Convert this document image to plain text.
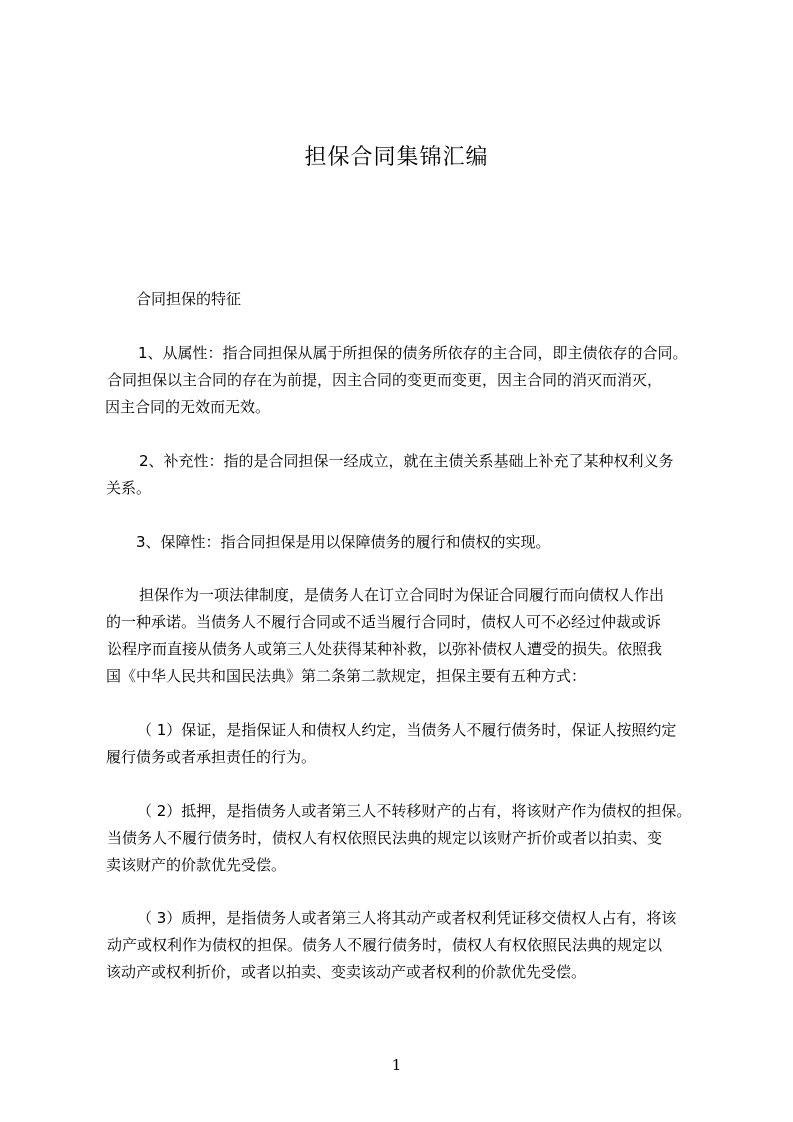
担保合同集锦汇编
合同担保的特征
1、从属性：指合同担保从属于所担保的债务所依存的主合同，即主债依存的合同。
合同担保以主合同的存在为前提，因主合同的变更而变更，因主合同的消灭而消灭，
因主合同的无效而无效。
2、补充性：指的是合同担保一经成立，就在主债关系基础上补充了某种权利义务
关系。
3、保障性：指合同担保是用以保障债务的履行和债权的实现。
担保作为一项法律制度，是债务人在订立合同时为保证合同履行而向债权人作出
的一种承诺。当债务人不履行合同或不适当履行合同时，债权人可不必经过仲裁或诉
讼程序而直接从债务人或第三人处获得某种补救，以弥补债权人遭受的损失。依照我
国《中华人民共和国民法典》第二条第二款规定，担保主要有五种方式：
（ 1）保证，是指保证人和债权人约定，当债务人不履行债务时，保证人按照约定
履行债务或者承担责任的行为。
（ 2）抵押，是指债务人或者第三人不转移财产的占有，将该财产作为债权的担保。
当债务人不履行债务时，债权人有权依照民法典的规定以该财产折价或者以拍卖、变
卖该财产的价款优先受偿。
（ 3）质押，是指债务人或者第三人将其动产或者权利凭证移交债权人占有，将该
动产或权利作为债权的担保。债务人不履行债务时，债权人有权依照民法典的规定以
该动产或权利折价，或者以拍卖、变卖该动产或者权利的价款优先受偿。
1
